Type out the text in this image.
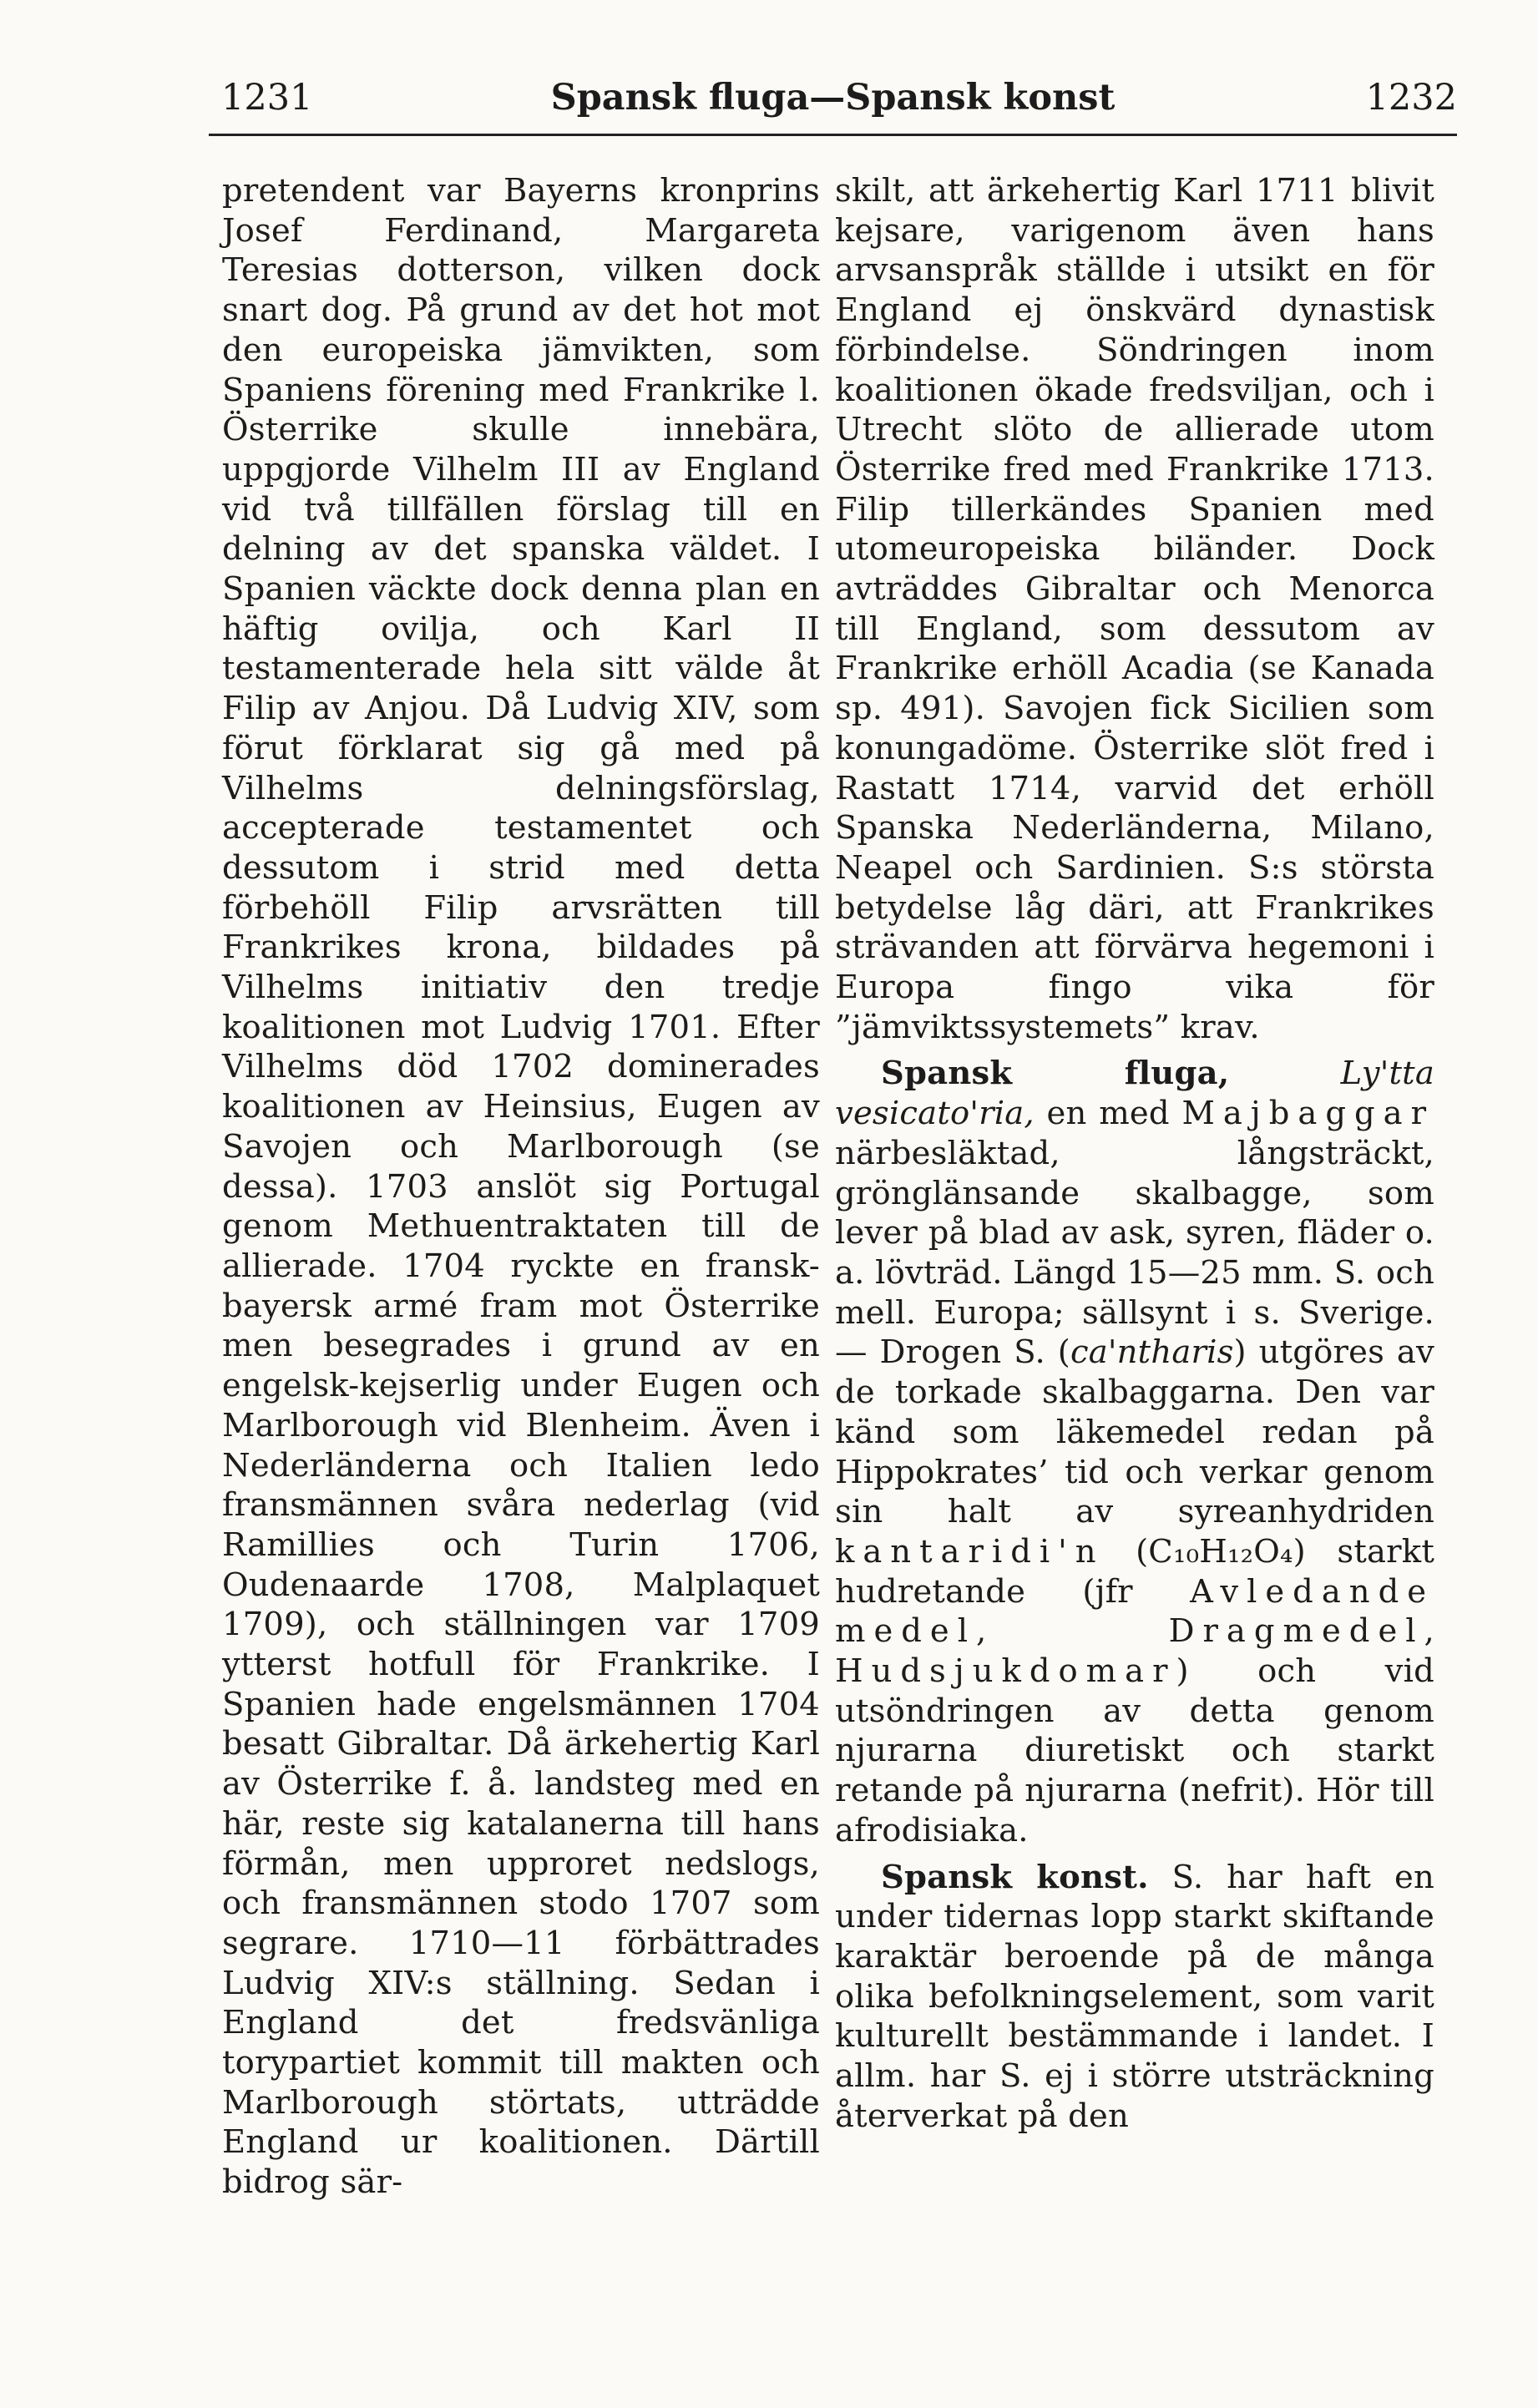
1231	Spansk fluga—Spansk konst	1232

pretendent var Bayerns kronprins Josef Ferdinand, Margareta Teresias dotterson, vilken dock snart dog. På grund av det hot mot den europeiska jämvikten, som Spaniens förening med Frankrike l. Österrike skulle innebära, uppgjorde Vilhelm III av England vid två tillfällen förslag till en delning av det spanska väldet. I Spanien väckte dock denna plan en häftig ovilja, och Karl II testamenterade hela sitt välde åt Filip av Anjou. Då Ludvig XIV, som förut förklarat sig gå med på Vilhelms delningsförslag, accepterade testamentet och dessutom i strid med detta förbehöll Filip arvsrätten till Frankrikes krona, bildades på Vilhelms initiativ den tredje koalitionen mot Ludvig 1701. Efter Vilhelms död 1702 dominerades koalitionen av Heinsius, Eugen av Savojen och Marlborough (se dessa). 1703 anslöt sig Portugal genom Methuentraktaten till de allierade. 1704 ryckte en fransk-bayersk armé fram mot Österrike men besegrades i grund av en engelsk-kejserlig under Eugen och Marlborough vid Blenheim. Även i Nederländerna och Italien ledo fransmännen svåra nederlag (vid Ramillies och Turin 1706, Oudenaarde 1708, Malplaquet 1709), och ställningen var 1709 ytterst hotfull för Frankrike. I Spanien hade engelsmännen 1704 besatt Gibraltar. Då ärkehertig Karl av Österrike f. å. landsteg med en här, reste sig katalanerna till hans förmån, men upproret nedslogs, och fransmännen stodo 1707 som segrare. 1710—11 förbättrades Ludvig XIV:s ställning. Sedan i England det fredsvänliga torypartiet kommit till makten och Marlborough störtats, utträdde England ur koalitionen. Därtill bidrog sär-

skilt, att ärkehertig Karl 1711 blivit kejsare, varigenom även hans arvsanspråk ställde i utsikt en för England ej önskvärd dynastisk förbindelse. Söndringen inom koalitionen ökade fredsviljan, och i Utrecht slöto de allierade utom Österrike fred med Frankrike 1713. Filip tillerkändes Spanien med utomeuropeiska biländer. Dock avträddes Gibraltar och Menorca till England, som dessutom av Frankrike erhöll Acadia (se Kanada sp. 491). Savojen fick Sicilien som konungadöme. Österrike slöt fred i Rastatt 1714, varvid det erhöll Spanska Nederländerna, Milano, Neapel och Sardinien. S:s största betydelse låg däri, att Frankrikes strävanden att förvärva hegemoni i Europa fingo vika för ”jämviktssystemets” krav.

Spansk fluga,	Ly'tta vesicato'ria, en med Majbaggar närbesläktad, långsträckt, grönglänsande skalbagge, som lever på blad av ask, syren, fläder o. a. lövträd. Längd 15—25 mm. S. och mell. Europa; sällsynt i s. Sverige. — Drogen S. (ca'ntharis) utgöres av de torkade skalbaggarna. Den var känd som läkemedel redan på Hippokrates’ tid och verkar genom sin halt av syreanhydriden kantaridi'n (C₁₀H₁₂O₄) starkt hudretande (jfr Avledande medel, Dragmedel, Hudsjukdomar) och vid utsöndringen av detta genom njurarna diuretiskt och starkt retande på njurarna (nefrit). Hör till afrodisiaka.

Spansk konst. S. har haft en under tidernas lopp starkt skiftande karaktär beroende på de många olika befolkningselement, som varit kulturellt bestämmande i landet. I allm. har S. ej i större utsträckning återverkat på den
